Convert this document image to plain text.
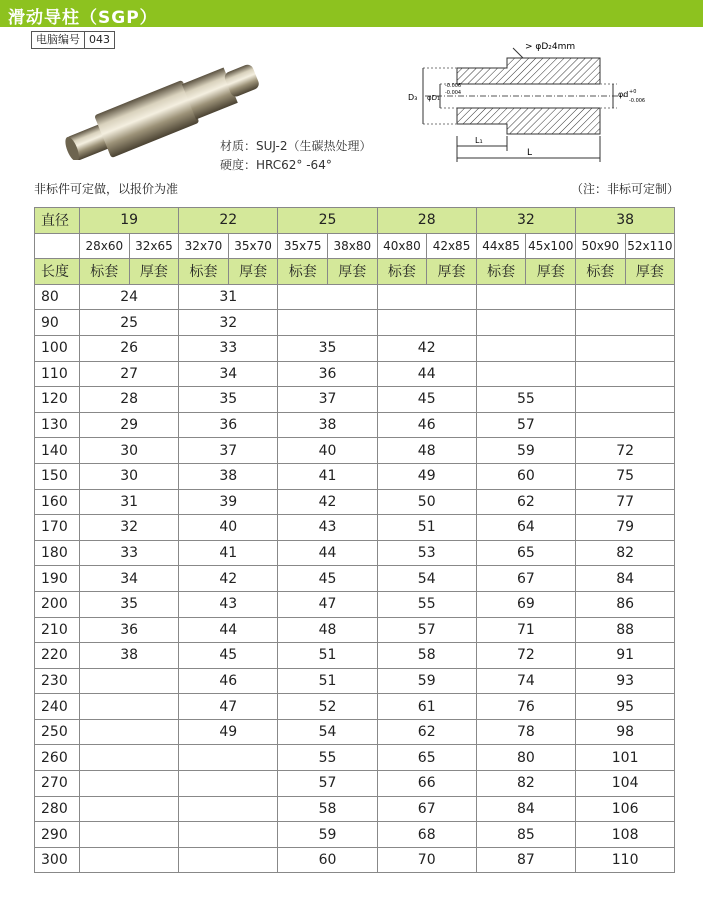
滑动导柱（SGP）
电脑编号 043
材质：SUJ-2（生碳热处理）
硬度：HRC62° -64°
D₃ φD₁
-0.006
-0.004	φd +0
-0.006
> φD₂4mm
L₁
L
非标件可定做，以报价为准	（注：非标可定制）
直径	19		22		25		28		32		38	
	28x60	32x65	32x70	35x70	35x75	38x80	40x80	42x85	44x85	45x100	50x90	52x110
长度	标套	厚套	标套	厚套	标套	厚套	标套	厚套	标套	厚套	标套	厚套
80	24		31									
90	25		32									
100	26		33		35		42					
110	27		34		36		44					
120	28		35		37		45		55			
130	29		36		38		46		57			
140	30		37		40		48		59		72	
150	30		38		41		49		60		75	
160	31		39		42		50		62		77	
170	32		40		43		51		64		79	
180	33		41		44		53		65		82	
190	34		42		45		54		67		84	
200	35		43		47		55		69		86	
210	36		44		48		57		71		88	
220	38		45		51		58		72		91	
230			46		51		59		74		93	
240			47		52		61		76		95	
250			49		54		62		78		98	
260					55		65		80		101	
270					57		66		82		104	
280					58		67		84		106	
290					59		68		85		108	
300					60		70		87		110	
